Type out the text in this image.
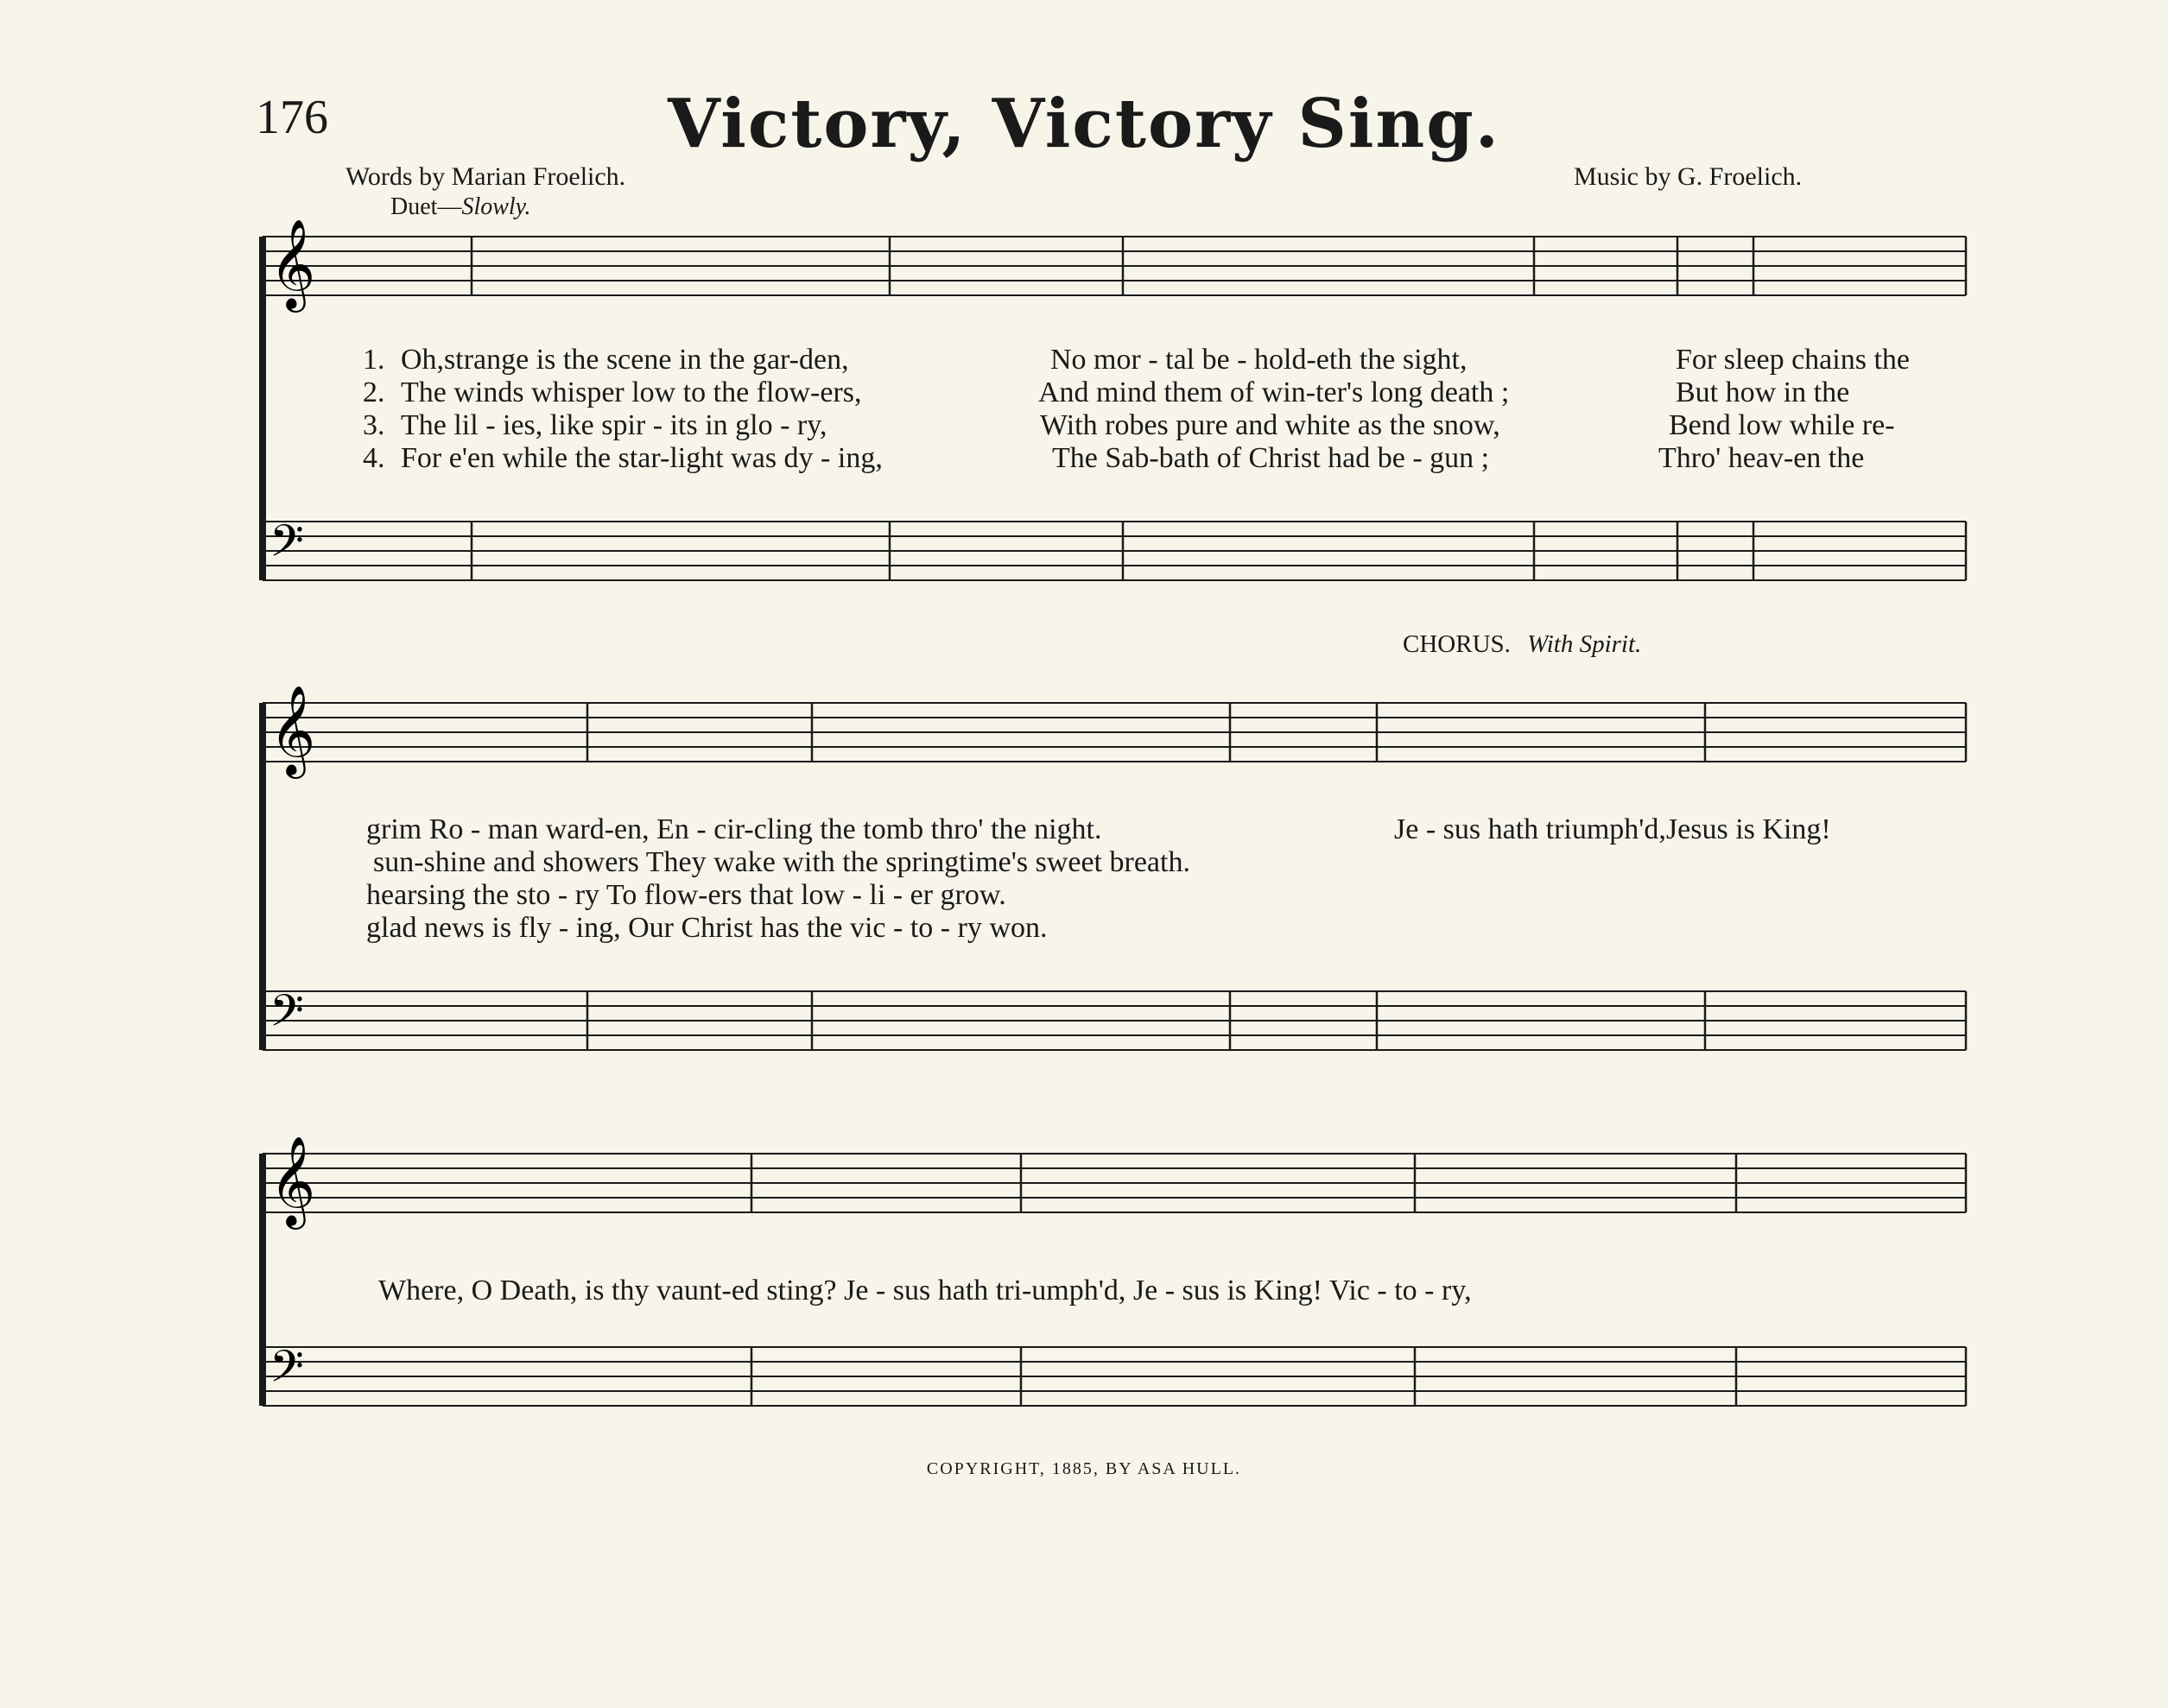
176	Victory, Victory Sing.
Words by Marian Froelich.	Music by G. Froelich.
Duet—Slowly.
CHORUS. With Spirit.
1. Oh,strange is the scene in the gar-den,	No mor - tal be - hold-eth the sight,	For sleep chains the
2. The winds whisper low to the flow-ers,	And mind them of win-ter's long death ;	But how in the
3. The lil - ies, like spir - its in glo - ry,	With robes pure and white as the snow,	Bend low while re-
4. For e'en while the star-light was dy - ing,	The Sab-bath of Christ had be - gun ;	Thro' heav-en the
grim Ro - man ward-en, En - cir-cling the tomb thro' the night.	Je - sus hath triumph'd,Jesus is King!
sun-shine and showers They wake with the springtime's sweet breath.
hearsing the sto - ry To flow-ers that low - li - er grow.
glad news is fly - ing, Our Christ has the vic - to - ry won.
Where, O Death, is thy vaunt-ed sting? Je - sus hath tri-umph'd, Je - sus is King! Vic - to - ry,
COPYRIGHT, 1885, BY ASA HULL.
𝄞
𝄢
𝄞
𝄢
𝄞
𝄢
